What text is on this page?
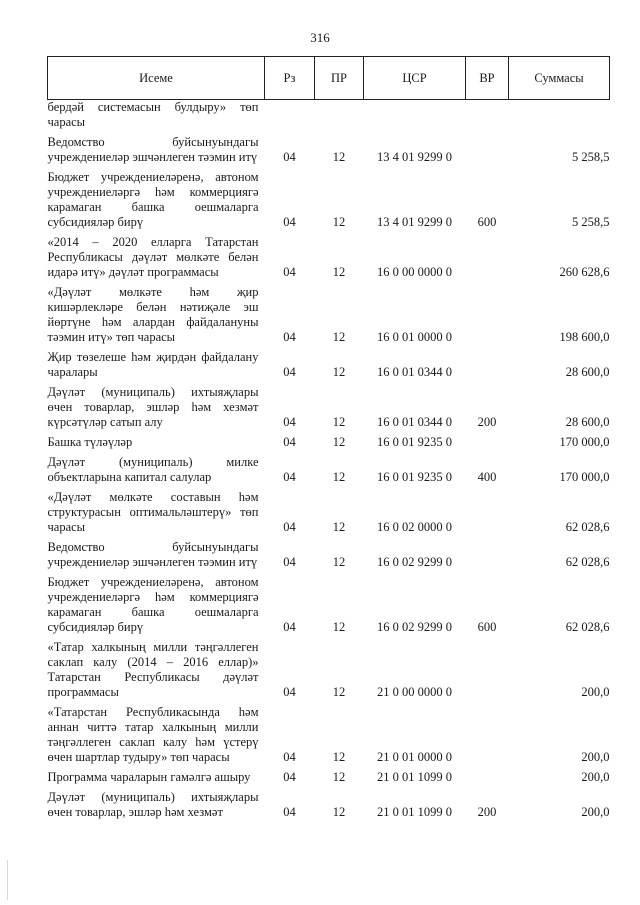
316
Исеме	Рз	ПР	ЦСР	ВР	Суммасы
бердәй системасын булдыру» төп чарасы					
Ведомство буйсынуындагы учреждениеләр эшчәнлеген тәэмин итү	04	12	13 4 01 9299 0		5 258,5
Бюджет учреждениеләренә, автоном учреждениеләргә һәм коммерциягә карамаган башка оешмаларга субсидияләр бирү	04	12	13 4 01 9299 0	600	5 258,5
«2014 – 2020 елларга Татарстан Республикасы дәүләт мөлкәте белән идарә итү» дәүләт программасы	04	12	16 0 00 0000 0		260 628,6
«Дәүләт мөлкәте һәм җир кишәрлекләре белән нәтиҗәле эш йөртүне һәм алардан файдалануны тәэмин итү» төп чарасы	04	12	16 0 01 0000 0		198 600,0
Җир төзелеше һәм җирдән файдалану чаралары	04	12	16 0 01 0344 0		28 600,0
Дәүләт (муниципаль) ихтыяҗлары өчен товарлар, эшләр һәм хезмәт күрсәтүләр сатып алу	04	12	16 0 01 0344 0	200	28 600,0
Башка түләүләр	04	12	16 0 01 9235 0		170 000,0
Дәүләт (муниципаль) милке объектларына капитал салулар	04	12	16 0 01 9235 0	400	170 000,0
«Дәүләт мөлкәте составын һәм структурасын оптимальләштерү» төп чарасы	04	12	16 0 02 0000 0		62 028,6
Ведомство буйсынуындагы учреждениеләр эшчәнлеген тәэмин итү	04	12	16 0 02 9299 0		62 028,6
Бюджет учреждениеләренә, автоном учреждениеләргә һәм коммерциягә карамаган башка оешмаларга субсидияләр бирү	04	12	16 0 02 9299 0	600	62 028,6
«Татар халкының милли тәңгәллеген саклап калу (2014 – 2016 еллар)» Татарстан Республикасы дәүләт программасы	04	12	21 0 00 0000 0		200,0
«Татарстан Республикасында һәм аннан читтә татар халкының милли тәңгәллеген саклап калу һәм үстерү өчен шартлар тудыру» төп чарасы	04	12	21 0 01 0000 0		200,0
Программа чараларын гамәлгә ашыру	04	12	21 0 01 1099 0		200,0
Дәүләт (муниципаль) ихтыяҗлары өчен товарлар, эшләр һәм хезмәт	04	12	21 0 01 1099 0	200	200,0
